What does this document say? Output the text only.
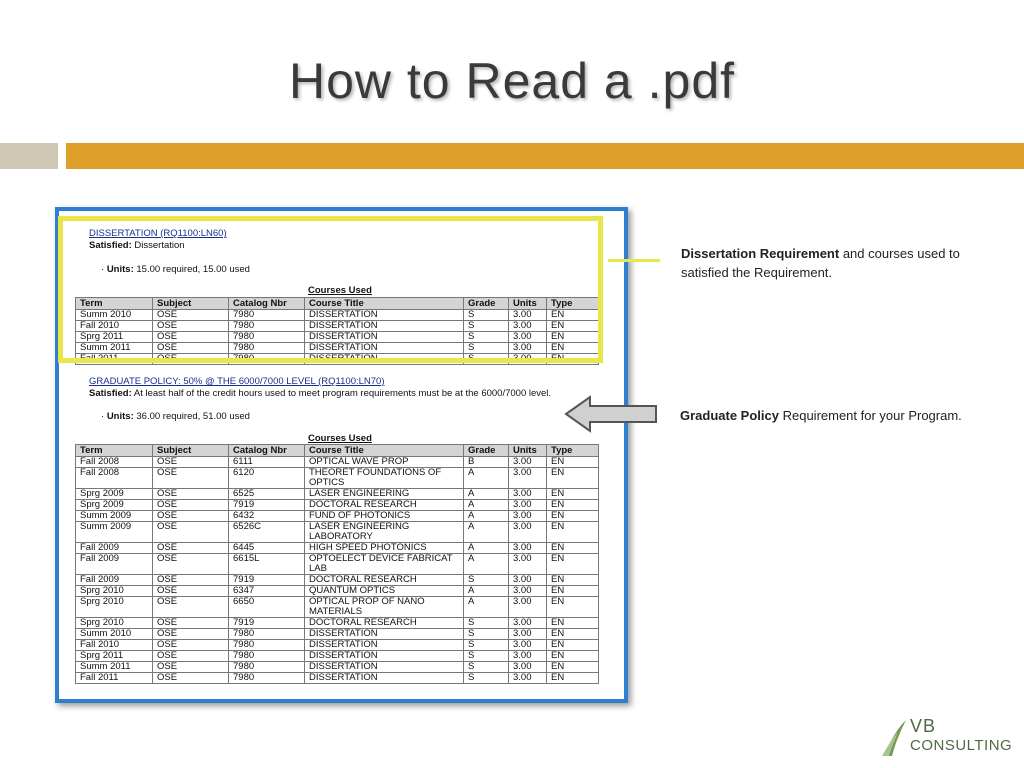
How to Read a .pdf
DISSERTATION (RQ1100:LN60)
Satisfied: Dissertation
· Units: 15.00 required, 15.00 used
Courses Used
Term	Subject	Catalog Nbr	Course Title	Grade	Units	Type
Summ 2010	OSE	7980	DISSERTATION	S	3.00	EN
Fall 2010	OSE	7980	DISSERTATION	S	3.00	EN
Sprg 2011	OSE	7980	DISSERTATION	S	3.00	EN
Summ 2011	OSE	7980	DISSERTATION	S	3.00	EN
Fall 2011	OSE	7980	DISSERTATION	S	3.00	EN
GRADUATE POLICY: 50% @ THE 6000/7000 LEVEL (RQ1100:LN70)
Satisfied: At least half of the credit hours used to meet program requirements must be at the 6000/7000 level.
· Units: 36.00 required, 51.00 used
Courses Used
Term	Subject	Catalog Nbr	Course Title	Grade	Units	Type
Fall 2008	OSE	6111	OPTICAL WAVE PROP	B	3.00	EN
Fall 2008	OSE	6120	THEORET FOUNDATIONS OF OPTICS	A	3.00	EN
Sprg 2009	OSE	6525	LASER ENGINEERING	A	3.00	EN
Sprg 2009	OSE	7919	DOCTORAL RESEARCH	A	3.00	EN
Summ 2009	OSE	6432	FUND OF PHOTONICS	A	3.00	EN
Summ 2009	OSE	6526C	LASER ENGINEERING LABORATORY	A	3.00	EN
Fall 2009	OSE	6445	HIGH SPEED PHOTONICS	A	3.00	EN
Fall 2009	OSE	6615L	OPTOELECT DEVICE FABRICAT LAB	A	3.00	EN
Fall 2009	OSE	7919	DOCTORAL RESEARCH	S	3.00	EN
Sprg 2010	OSE	6347	QUANTUM OPTICS	A	3.00	EN
Sprg 2010	OSE	6650	OPTICAL PROP OF NANO MATERIALS	A	3.00	EN
Sprg 2010	OSE	7919	DOCTORAL RESEARCH	S	3.00	EN
Summ 2010	OSE	7980	DISSERTATION	S	3.00	EN
Fall 2010	OSE	7980	DISSERTATION	S	3.00	EN
Sprg 2011	OSE	7980	DISSERTATION	S	3.00	EN
Summ 2011	OSE	7980	DISSERTATION	S	3.00	EN
Fall 2011	OSE	7980	DISSERTATION	S	3.00	EN
Dissertation Requirement and courses used to satisfied the Requirement.
Graduate Policy Requirement for your Program.
VB
CONSULTING
